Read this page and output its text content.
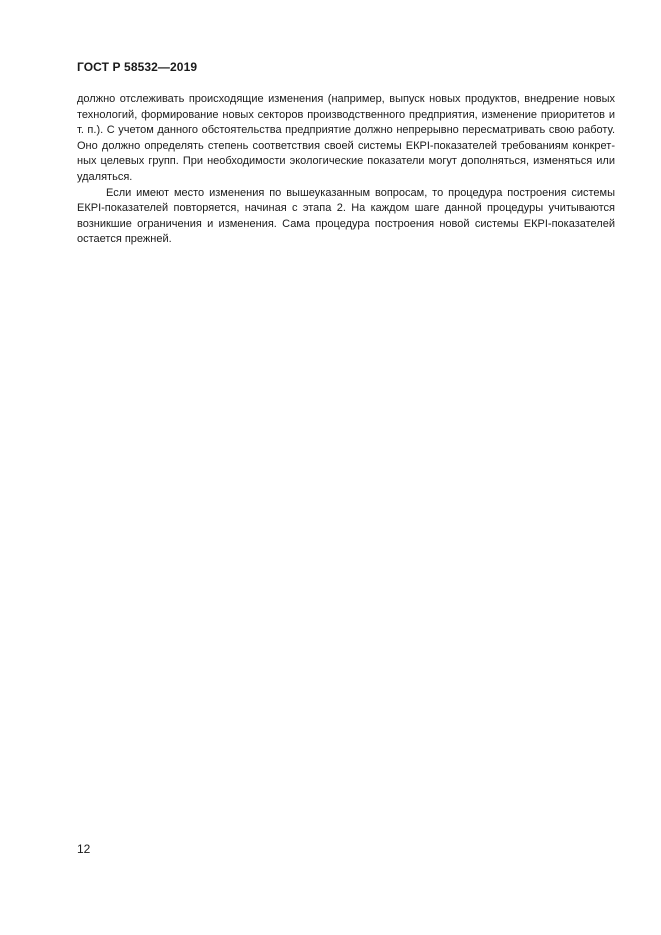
ГОСТ Р 58532—2019
должно отслеживать происходящие изменения (например, выпуск новых продуктов, внедрение новых
технологий, формирование новых секторов производственного предприятия, изменение приоритетов и
т. п.). С учетом данного обстоятельства предприятие должно непрерывно пересматривать свою работу.
Оно должно определять степень соответствия своей системы ЕКРI-показателей требованиям конкрет-
ных целевых групп. При необходимости экологические показатели могут дополняться, изменяться или
удаляться.
Если имеют место изменения по вышеуказанным вопросам, то процедура построения системы
ЕКРI-показателей повторяется, начиная с этапа 2. На каждом шаге данной процедуры учитываются
возникшие ограничения и изменения. Сама процедура построения новой системы ЕКРI-показателей
остается прежней.
12
